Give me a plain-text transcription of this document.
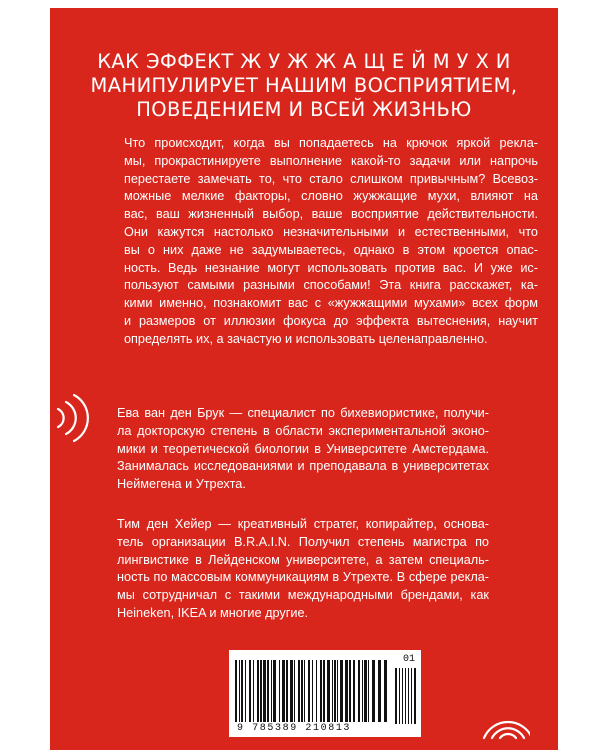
КАК ЭФФЕКТ Ж У Ж Ж А Щ Е Й М У Х И
МАНИПУЛИРУЕТ НАШИМ ВОСПРИЯТИЕМ,
ПОВЕДЕНИЕМ И ВСЕЙ ЖИЗНЬЮ

Что происходит, когда вы попадаетесь на крючок яркой рекла-
мы, прокрастинируете выполнение какой-то задачи или напрочь
перестаете замечать то, что стало слишком привычным? Всевоз-
можные мелкие факторы, словно жужжащие мухи, влияют на
вас, ваш жизненный выбор, ваше восприятие действительности.
Они кажутся настолько незначительными и естественными, что
вы о них даже не задумываетесь, однако в этом кроется опас-
ность. Ведь незнание могут использовать против вас. И уже ис-
пользуют самыми разными способами! Эта книга расскажет, ка-
кими именно, познакомит вас с «жужжащими мухами» всех форм
и размеров от иллюзии фокуса до эффекта вытеснения, научит
определять их, а зачастую и использовать целенаправленно.

Ева ван ден Брук — специалист по бихевиористике, получи-
ла докторскую степень в области экспериментальной эконо-
мики и теоретической биологии в Университете Амстердама.
Занималась исследованиями и преподавала в университетах
Неймегена и Утрехта.

Тим ден Хейер — креативный стратег, копирайтер, основа-
тель организации B.R.A.I.N. Получил степень магистра по
лингвистике в Лейденском университете, а затем специаль-
ность по массовым коммуникациям в Утрехте. В сфере рекла-
мы сотрудничал с такими международными брендами, как
Heineken, IKEA и многие другие.

01
9 785389 210813
